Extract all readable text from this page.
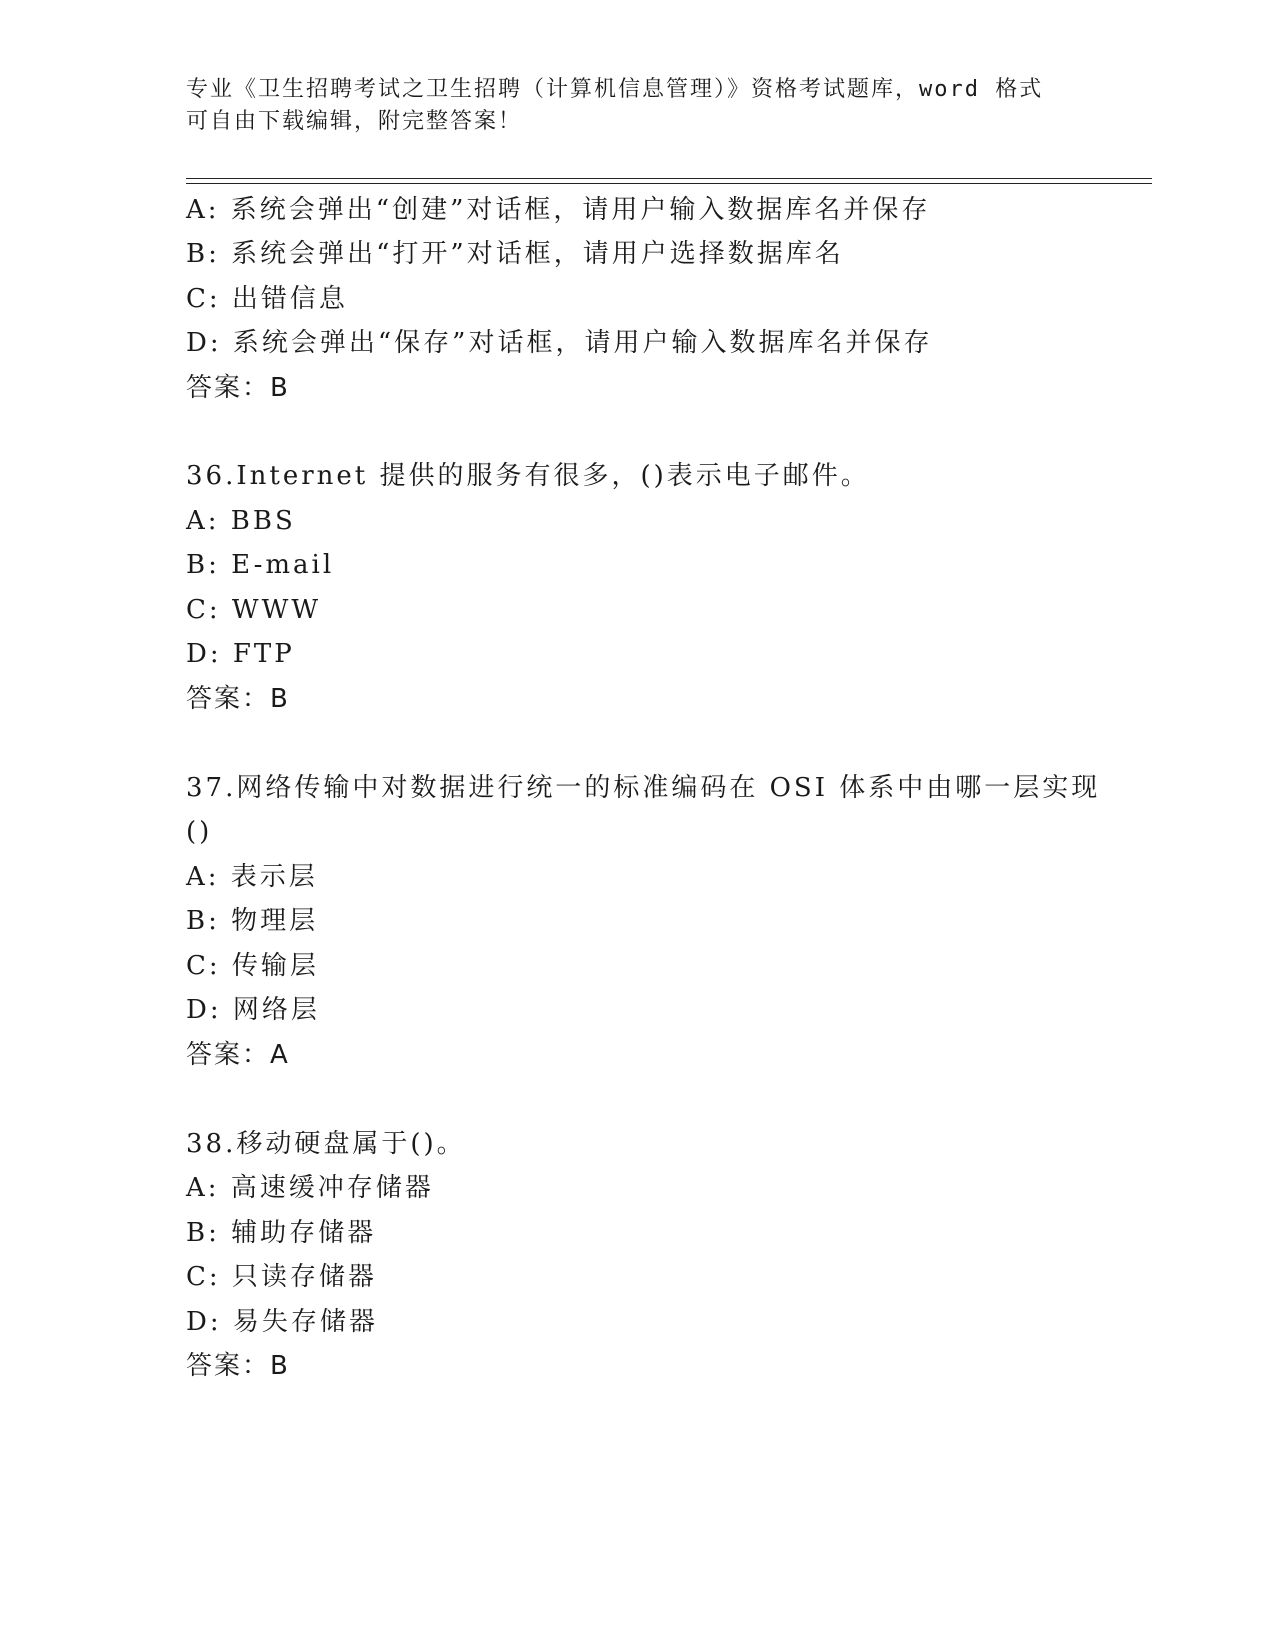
专业《卫生招聘考试之卫生招聘（计算机信息管理）》资格考试题库，word 格式
可自由下载编辑，附完整答案！
A: 系统会弹出“创建”对话框，请用户输入数据库名并保存
B: 系统会弹出“打开”对话框，请用户选择数据库名
C: 出错信息
D: 系统会弹出“保存”对话框，请用户输入数据库名并保存
答案：B
36.Internet 提供的服务有很多，()表示电子邮件。
A: BBS
B: E-mail
C: WWW
D: FTP
答案：B
37.网络传输中对数据进行统一的标准编码在 OSI 体系中由哪一层实现
()
A: 表示层
B: 物理层
C: 传输层
D: 网络层
答案：A
38.移动硬盘属于()。
A: 高速缓冲存储器
B: 辅助存储器
C: 只读存储器
D: 易失存储器
答案：B
